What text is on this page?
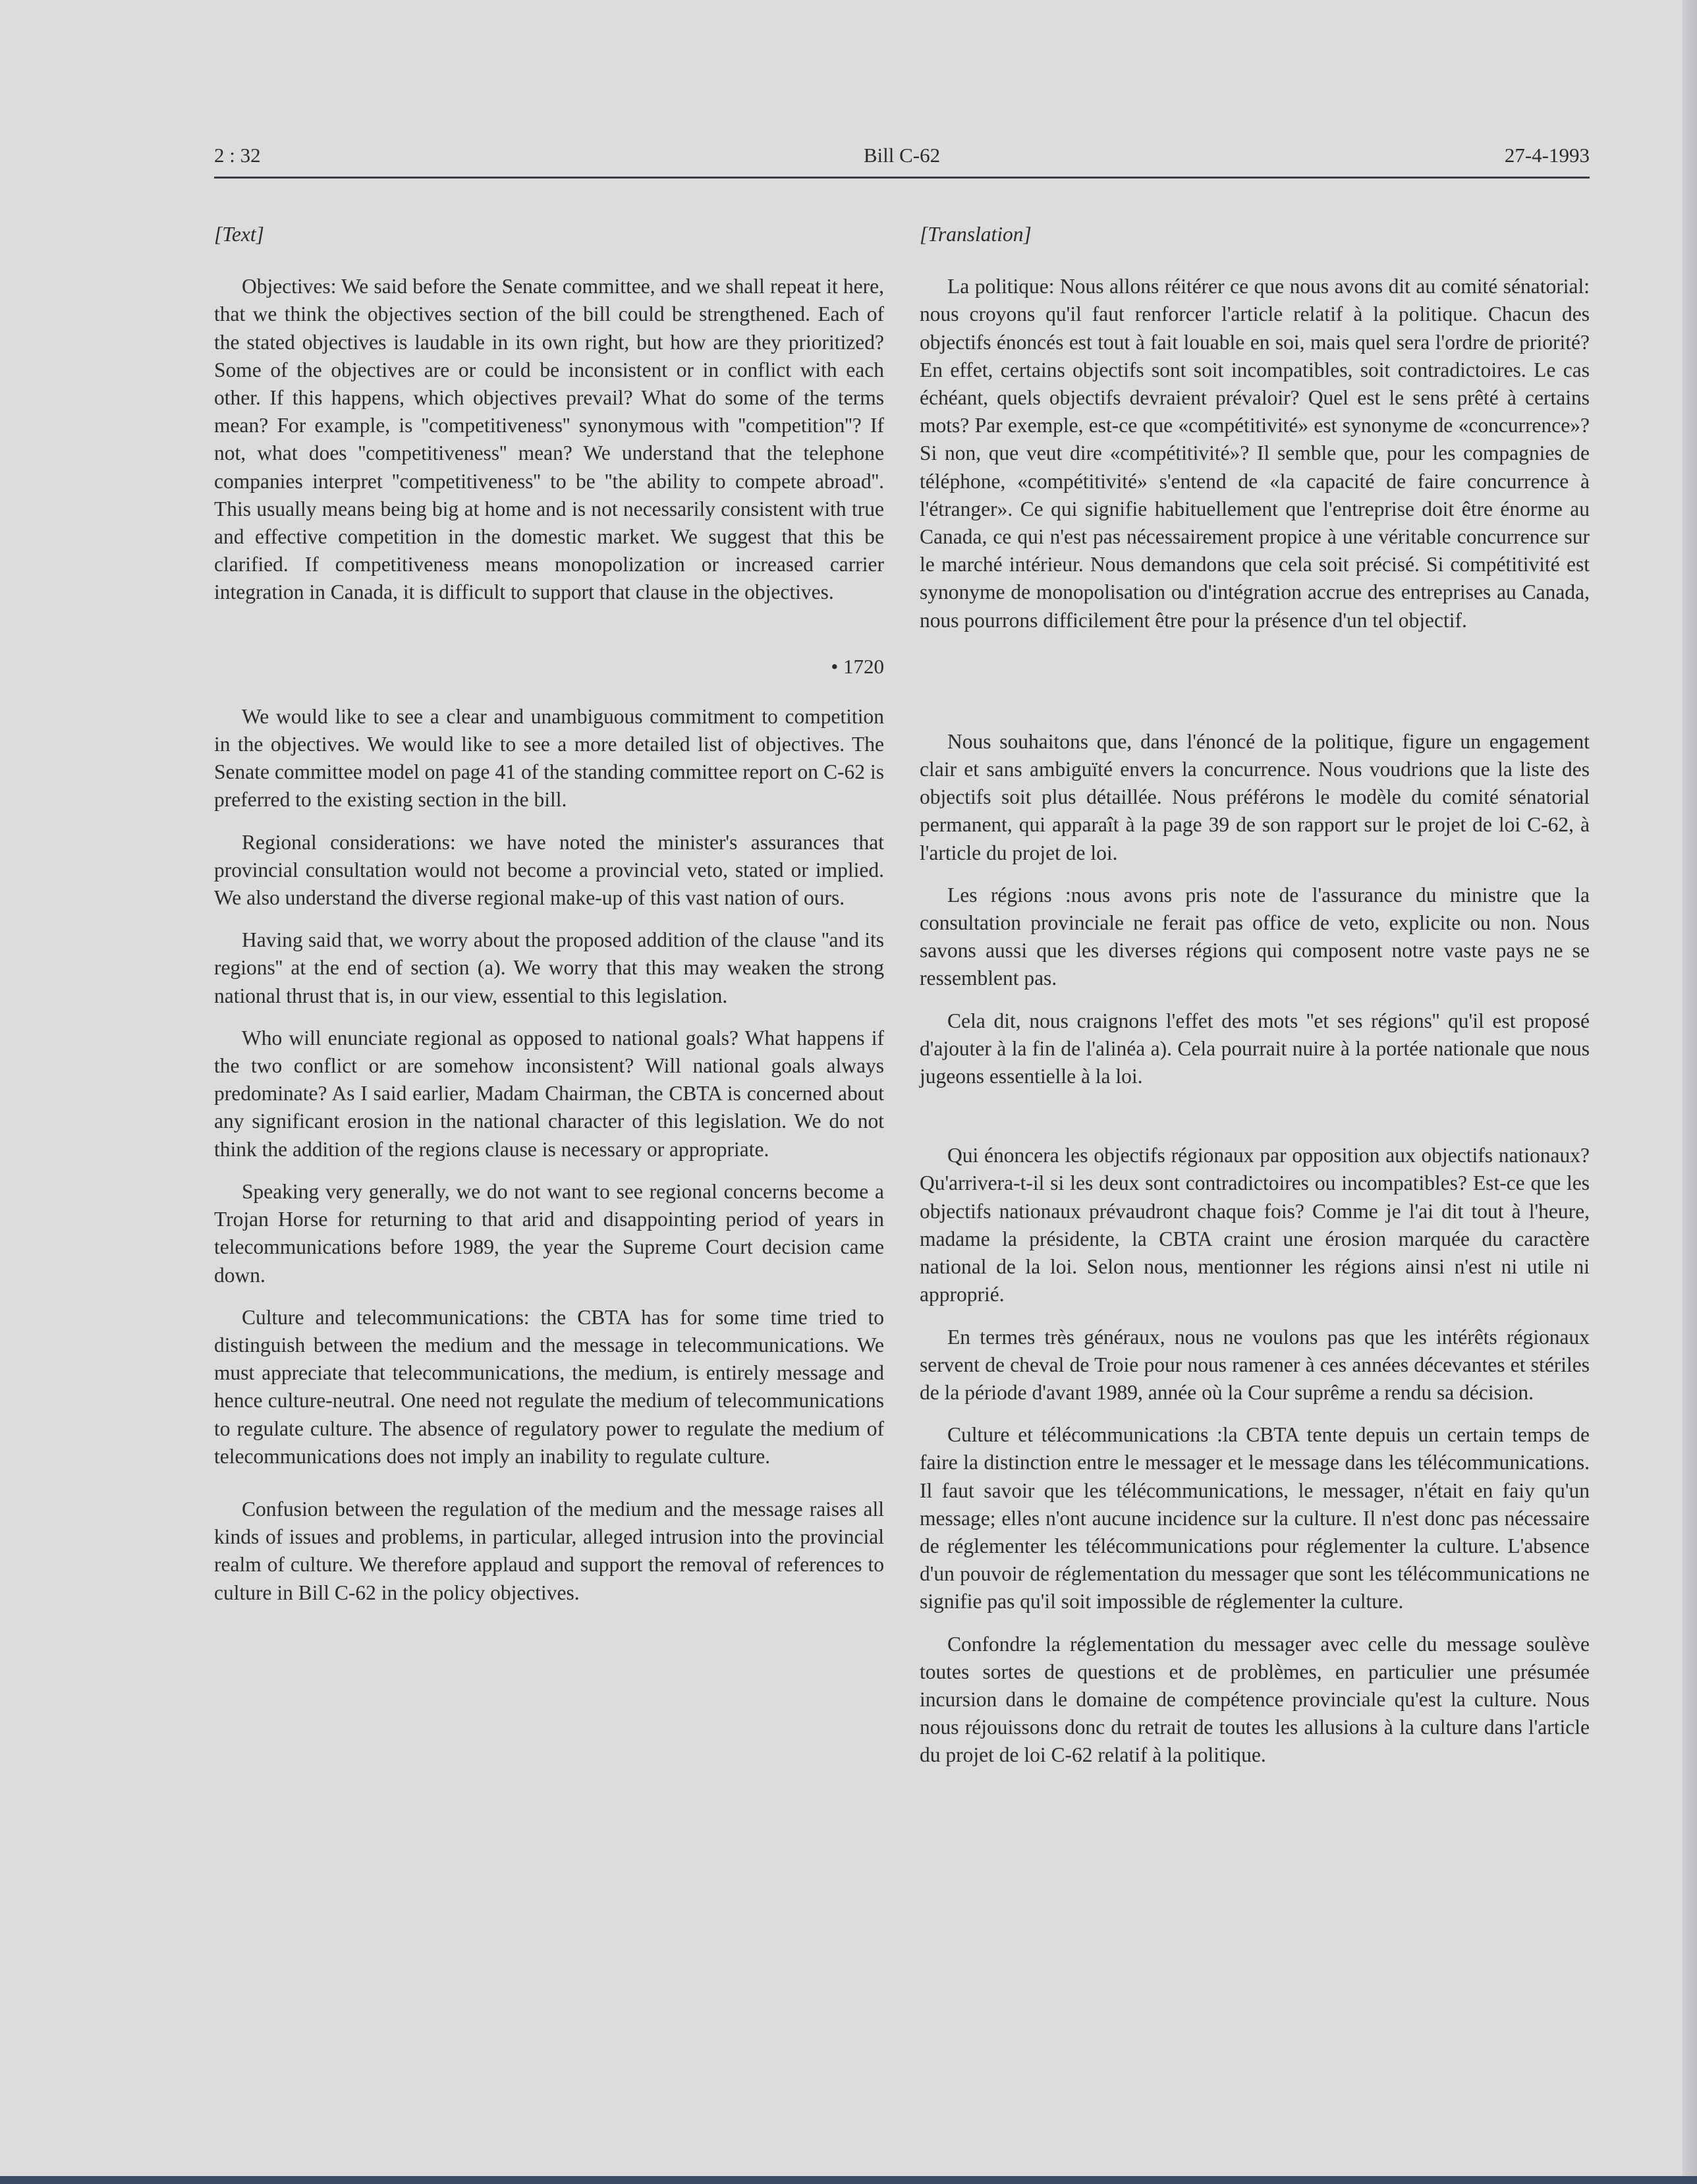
2 : 32	Bill C-62	27-4-1993
[Text]

Objectives: We said before the Senate committee, and we shall repeat it here, that we think the objectives section of the bill could be strengthened. Each of the stated objectives is laudable in its own right, but how are they prioritized? Some of the objectives are or could be inconsistent or in conflict with each other. If this happens, which objectives prevail? What do some of the terms mean? For example, is ''competitiveness'' synonymous with ''competition''? If not, what does ''competitiveness'' mean? We understand that the telephone companies interpret ''competitiveness'' to be ''the ability to compete abroad''. This usually means being big at home and is not necessarily consistent with true and effective competition in the domestic market. We suggest that this be clarified. If competitiveness means monopolization or increased carrier integration in Canada, it is difficult to support that clause in the objectives.

• 1720

We would like to see a clear and unambiguous commitment to competition in the objectives. We would like to see a more detailed list of objectives. The Senate committee model on page 41 of the standing committee report on C-62 is preferred to the existing section in the bill.

Regional considerations: we have noted the minister's assurances that provincial consultation would not become a provincial veto, stated or implied. We also understand the diverse regional make-up of this vast nation of ours.

Having said that, we worry about the proposed addition of the clause ''and its regions'' at the end of section (a). We worry that this may weaken the strong national thrust that is, in our view, essential to this legislation.

Who will enunciate regional as opposed to national goals? What happens if the two conflict or are somehow inconsistent? Will national goals always predominate? As I said earlier, Madam Chairman, the CBTA is concerned about any significant erosion in the national character of this legislation. We do not think the addition of the regions clause is necessary or appropriate.

Speaking very generally, we do not want to see regional concerns become a Trojan Horse for returning to that arid and disappointing period of years in telecommunications before 1989, the year the Supreme Court decision came down.

Culture and telecommunications: the CBTA has for some time tried to distinguish between the medium and the message in telecommunications. We must appreciate that telecommunications, the medium, is entirely message and hence culture-neutral. One need not regulate the medium of telecommunications to regulate culture. The absence of regulatory power to regulate the medium of telecommunications does not imply an inability to regulate culture.

Confusion between the regulation of the medium and the message raises all kinds of issues and problems, in particular, alleged intrusion into the provincial realm of culture. We therefore applaud and support the removal of references to culture in Bill C-62 in the policy objectives.

[Translation]

La politique: Nous allons réitérer ce que nous avons dit au comité sénatorial: nous croyons qu'il faut renforcer l'article relatif à la politique. Chacun des objectifs énoncés est tout à fait louable en soi, mais quel sera l'ordre de priorité? En effet, certains objectifs sont soit incompatibles, soit contradictoires. Le cas échéant, quels objectifs devraient prévaloir? Quel est le sens prêté à certains mots? Par exemple, est-ce que «compétitivité» est synonyme de «concurrence»? Si non, que veut dire «compétitivité»? Il semble que, pour les compagnies de téléphone, «compétitivité» s'entend de «la capacité de faire concurrence à l'étranger». Ce qui signifie habituellement que l'entreprise doit être énorme au Canada, ce qui n'est pas nécessairement propice à une véritable concurrence sur le marché intérieur. Nous demandons que cela soit précisé. Si compétitivité est synonyme de monopolisation ou d'intégration accrue des entreprises au Canada, nous pourrons difficilement être pour la présence d'un tel objectif.

Nous souhaitons que, dans l'énoncé de la politique, figure un engagement clair et sans ambiguïté envers la concurrence. Nous voudrions que la liste des objectifs soit plus détaillée. Nous préférons le modèle du comité sénatorial permanent, qui apparaît à la page 39 de son rapport sur le projet de loi C-62, à l'article du projet de loi.

Les régions :nous avons pris note de l'assurance du ministre que la consultation provinciale ne ferait pas office de veto, explicite ou non. Nous savons aussi que les diverses régions qui composent notre vaste pays ne se ressemblent pas.

Cela dit, nous craignons l'effet des mots ''et ses régions'' qu'il est proposé d'ajouter à la fin de l'alinéa a). Cela pourrait nuire à la portée nationale que nous jugeons essentielle à la loi.

Qui énoncera les objectifs régionaux par opposition aux objectifs nationaux? Qu'arrivera-t-il si les deux sont contradictoires ou incompatibles? Est-ce que les objectifs nationaux prévaudront chaque fois? Comme je l'ai dit tout à l'heure, madame la présidente, la CBTA craint une érosion marquée du caractère national de la loi. Selon nous, mentionner les régions ainsi n'est ni utile ni approprié.

En termes très généraux, nous ne voulons pas que les intérêts régionaux servent de cheval de Troie pour nous ramener à ces années décevantes et stériles de la période d'avant 1989, année où la Cour suprême a rendu sa décision.

Culture et télécommunications :la CBTA tente depuis un certain temps de faire la distinction entre le messager et le message dans les télécommunications. Il faut savoir que les télécommunications, le messager, n'était en faiy qu'un message; elles n'ont aucune incidence sur la culture. Il n'est donc pas nécessaire de réglementer les télécommunications pour réglementer la culture. L'absence d'un pouvoir de réglementation du messager que sont les télécommunications ne signifie pas qu'il soit impossible de réglementer la culture.

Confondre la réglementation du messager avec celle du message soulève toutes sortes de questions et de problèmes, en particulier une présumée incursion dans le domaine de compétence provinciale qu'est la culture. Nous nous réjouissons donc du retrait de toutes les allusions à la culture dans l'article du projet de loi C-62 relatif à la politique.
